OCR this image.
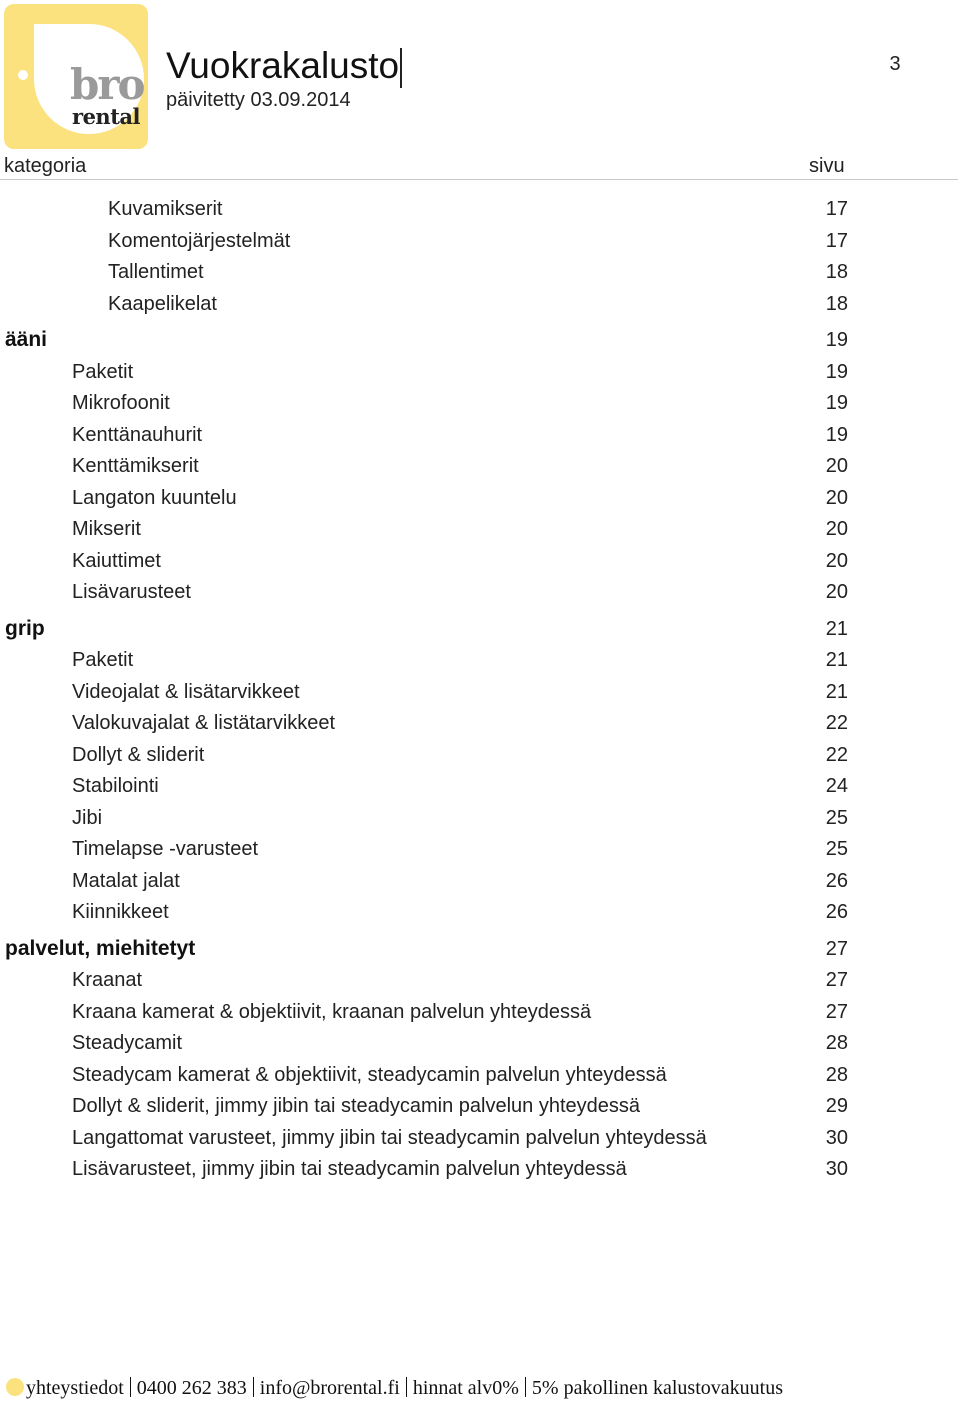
bro
rental
Vuokrakalusto
päivitetty 03.09.2014
3
kategoria	sivu
Kuvamikserit	17
Komentojärjestelmät	17
Tallentimet	18
Kaapelikelat	18
ääni	19
Paketit	19
Mikrofoonit	19
Kenttänauhurit	19
Kenttämikserit	20
Langaton kuuntelu	20
Mikserit	20
Kaiuttimet	20
Lisävarusteet	20
grip	21
Paketit	21
Videojalat & lisätarvikkeet	21
Valokuvajalat & listätarvikkeet	22
Dollyt & sliderit	22
Stabilointi	24
Jibi	25
Timelapse -varusteet	25
Matalat jalat	26
Kiinnikkeet	26
palvelut, miehitetyt	27
Kraanat	27
Kraana kamerat & objektiivit, kraanan palvelun yhteydessä	27
Steadycamit	28
Steadycam kamerat & objektiivit, steadycamin palvelun yhteydessä	28
Dollyt & sliderit, jimmy jibin tai steadycamin palvelun yhteydessä	29
Langattomat varusteet, jimmy jibin tai steadycamin palvelun yhteydessä	30
Lisävarusteet, jimmy jibin tai steadycamin palvelun yhteydessä	30
yhteystiedot 0400 262 383 info@brorental.fi hinnat alv0% 5% pakollinen kalustovakuutus
